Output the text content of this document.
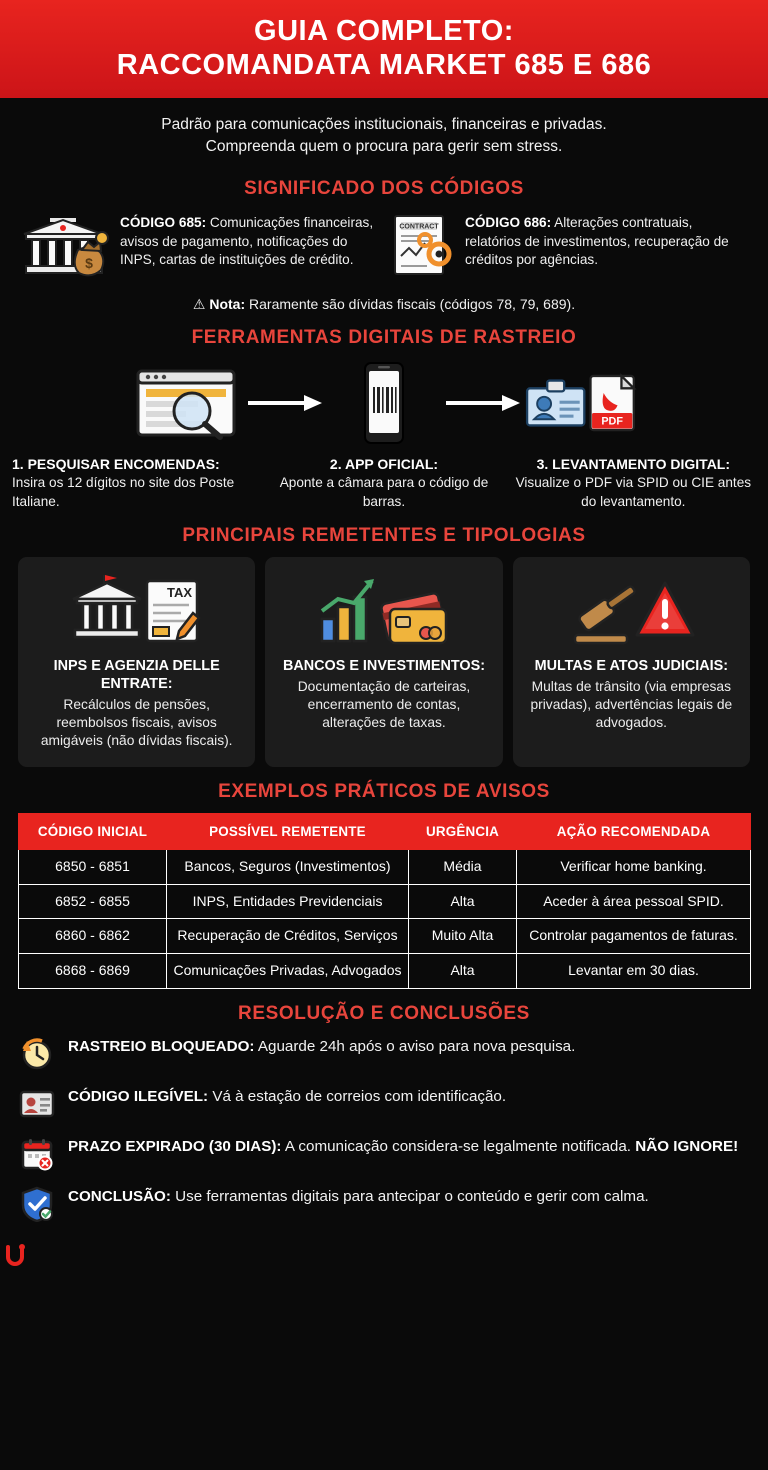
GUIA COMPLETO:
RACCOMANDATA MARKET 685 E 686
Padrão para comunicações institucionais, financeiras e privadas.
Compreenda quem o procura para gerir sem stress.
SIGNIFICADO DOS CÓDIGOS
$
CÓDIGO 685: Comunicações financeiras, avisos de pagamento, notificações do INPS, cartas de instituições de crédito.
CONTRACT CÓDIGO 686: Alterações contratuais, relatórios de investimentos, recuperação de créditos por agências.
⚠ Nota: Raramente são dívidas fiscais (códigos 78, 79, 689).
FERRAMENTAS DIGITAIS DE RASTREIO
PDF
1. PESQUISAR ENCOMENDAS:
Insira os 12 dígitos no site dos Poste Italiane.
2. APP OFICIAL:
Aponte a câmara para o código de barras.
3. LEVANTAMENTO DIGITAL:
Visualize o PDF via SPID ou CIE antes do levantamento.
PRINCIPAIS REMETENTES E TIPOLOGIAS
TAX
INPS E AGENZIA DELLE ENTRATE:

Recálculos de pensões, reembolsos fiscais, avisos amigáveis (não dívidas fiscais).

BANCOS E INVESTIMENTOS:

Documentação de carteiras, encerramento de contas, alterações de taxas.

MULTAS E ATOS JUDICIAIS:

Multas de trânsito (via empresas privadas), advertências legais de advogados.

EXEMPLOS PRÁTICOS DE AVISOS
CÓDIGO INICIAL	POSSÍVEL REMETENTE	URGÊNCIA	AÇÃO RECOMENDADA
6850 - 6851	Bancos, Seguros (Investimentos)	Média	Verificar home banking.
6852 - 6855	INPS, Entidades Previdenciais	Alta	Aceder à área pessoal SPID.
6860 - 6862	Recuperação de Créditos, Serviços	Muito Alta	Controlar pagamentos de faturas.
6868 - 6869	Comunicações Privadas, Advogados	Alta	Levantar em 30 dias.
RESOLUÇÃO E CONCLUSÕES
RASTREIO BLOQUEADO: Aguarde 24h após o aviso para nova pesquisa.
CÓDIGO ILEGÍVEL: Vá à estação de correios com identificação.
PRAZO EXPIRADO (30 DIAS): A comunicação considera-se legalmente notificada. NÃO IGNORE!
CONCLUSÃO: Use ferramentas digitais para antecipar o conteúdo e gerir com calma.
